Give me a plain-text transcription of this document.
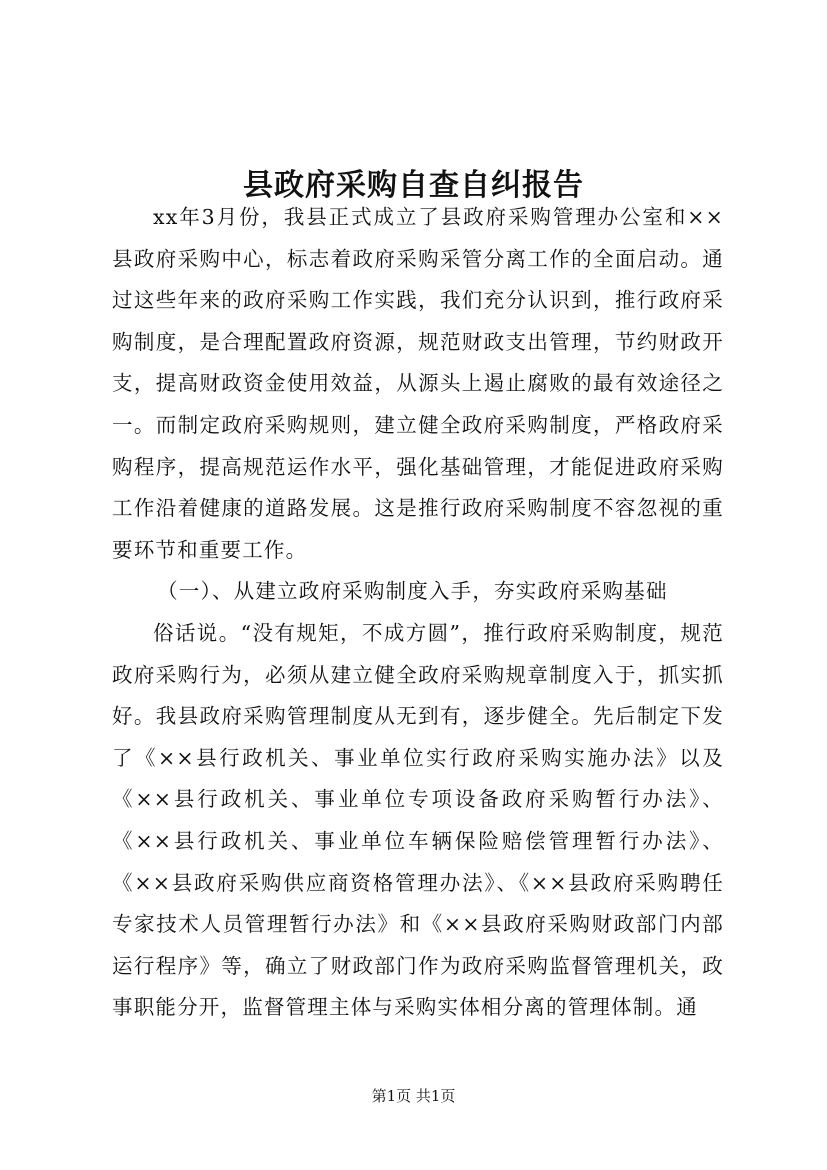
县政府采购自查自纠报告

xx年3月份，我县正式成立了县政府采购管理办公室和××县政府采购中心，标志着政府采购采管分离工作的全面启动。通过这些年来的政府采购工作实践，我们充分认识到，推行政府采购制度，是合理配置政府资源，规范财政支出管理，节约财政开支，提高财政资金使用效益，从源头上遏止腐败的最有效途径之一。而制定政府采购规则，建立健全政府采购制度，严格政府采购程序，提高规范运作水平，强化基础管理，才能促进政府采购工作沿着健康的道路发展。这是推行政府采购制度不容忽视的重要环节和重要工作。

（一）、从建立政府采购制度入手，夯实政府采购基础

俗话说。“没有规矩，不成方圆”，推行政府采购制度，规范政府采购行为，必须从建立健全政府采购规章制度入于，抓实抓好。我县政府采购管理制度从无到有，逐步健全。先后制定下发了《××县行政机关、事业单位实行政府采购实施办法》以及《××县行政机关、事业单位专项设备政府采购暂行办法》、《××县行政机关、事业单位车辆保险赔偿管理暂行办法》、《××县政府采购供应商资格管理办法》、《××县政府采购聘任专家技术人员管理暂行办法》和《××县政府采购财政部门内部运行程序》等，确立了财政部门作为政府采购监督管理机关，政事职能分开，监督管理主体与采购实体相分离的管理体制。通

第1页 共1页
